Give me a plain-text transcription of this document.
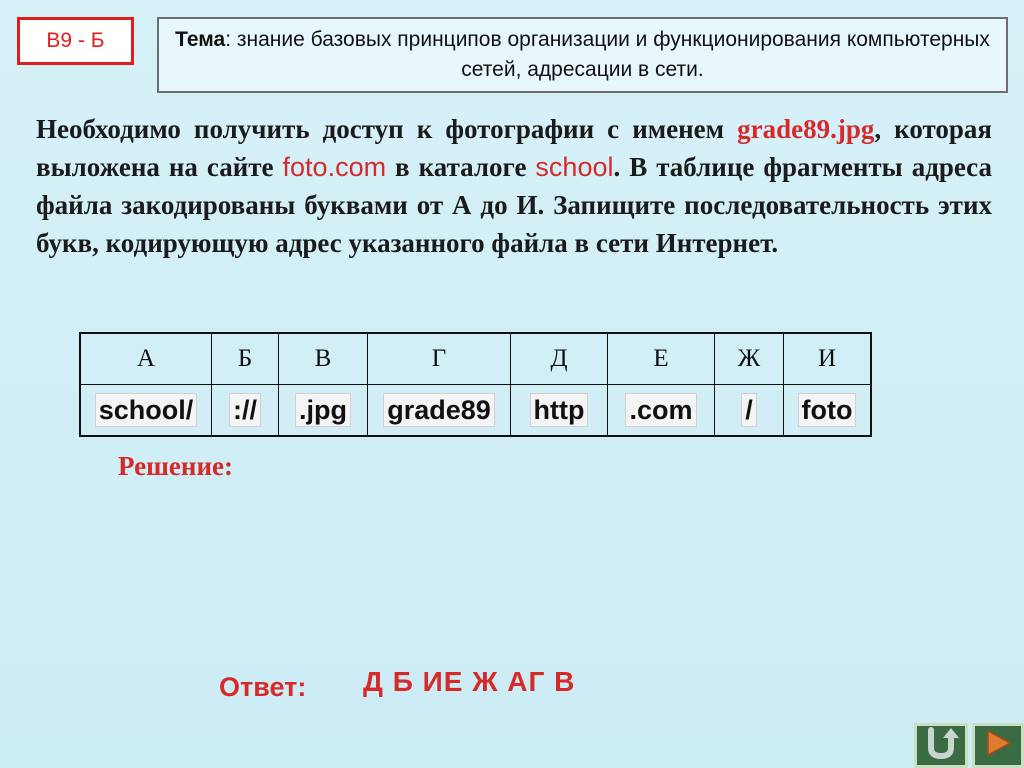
В9 - Б	Тема: знание базовых принципов организации и функционирования компьютерных сетей, адресации в сети.
Необходимо получить доступ к фотографии с именем grade89.jpg, которая выложена на сайте foto.com в каталоге school. В таблице фрагменты адреса файла закодированы буквами от А до И. Запищите последовательность этих букв, кодирующую адрес указанного файла в сети Интернет.
А	Б	В	Г	Д	Е	Ж	И
school/	://	.jpg	grade89	http	.com	/	foto
Решение:
Ответ: Д Б ИЕ Ж АГ В
